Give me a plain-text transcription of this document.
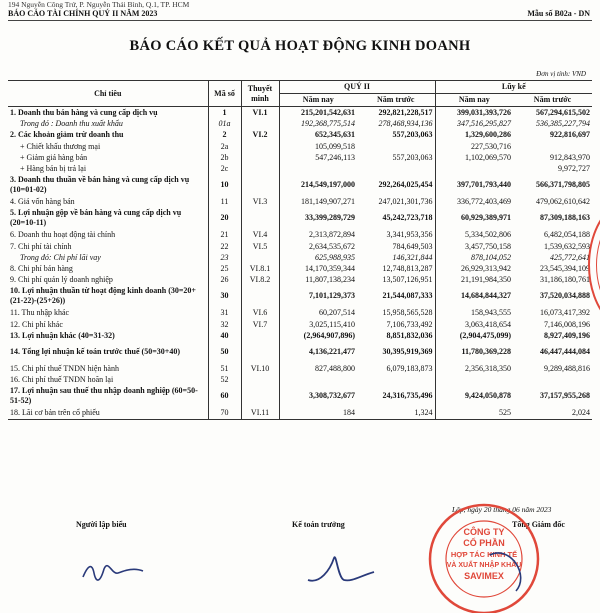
194 Nguyễn Công Trứ, P. Nguyễn Thái Bình, Q.1, TP. HCM
BÁO CÁO TÀI CHÍNH QUÝ II NĂM 2023	Mẫu số B02a - DN
BÁO CÁO KẾT QUẢ HOẠT ĐỘNG KINH DOANH
Đơn vị tính: VND
Chỉ tiêu	Mã số	Thuyết minh	QUÝ II		Lũy kế	
			Năm nay	Năm trước	Năm nay	Năm trước
1. Doanh thu bán hàng và cung cấp dịch vụ	1	VI.1	215,201,542,631	292,821,228,517	399,031,393,726	567,294,615,502
Trong đó : Doanh thu xuất khẩu	01a		192,368,775,514	278,468,934,136	347,516,295,827	536,385,227,794
2. Các khoản giảm trừ doanh thu	2	VI.2	652,345,631	557,203,063	1,329,600,286	922,816,697
+ Chiết khấu thương mại	2a		105,099,518		227,530,716	
+ Giảm giá hàng bán	2b		547,246,113	557,203,063	1,102,069,570	912,843,970
+ Hàng bán bị trả lại	2c					9,972,727
3. Doanh thu thuần về bán hàng và cung cấp dịch vụ (10=01-02)	10		214,549,197,000	292,264,025,454	397,701,793,440	566,371,798,805
4. Giá vốn hàng bán	11	VI.3	181,149,907,271	247,021,301,736	336,772,403,469	479,062,610,642
5. Lợi nhuận gộp về bán hàng và cung cấp dịch vụ (20=10-11)	20		33,399,289,729	45,242,723,718	60,929,389,971	87,309,188,163
6. Doanh thu hoạt động tài chính	21	VI.4	2,313,872,894	3,341,953,356	5,334,502,806	6,482,054,188
7. Chi phí tài chính	22	VI.5	2,634,535,672	784,649,503	3,457,750,158	1,539,632,593
Trong đó: Chi phí lãi vay	23		625,988,935	146,321,844	878,104,052	425,772,641
8. Chi phí bán hàng	25	VI.8.1	14,170,359,344	12,748,813,287	26,929,313,942	23,545,394,109
9. Chi phí quản lý doanh nghiệp	26	VI.8.2	11,807,138,234	13,507,126,951	21,191,984,350	31,186,180,761
10. Lợi nhuận thuần từ hoạt động kinh doanh (30=20+(21-22)-(25+26))	30		7,101,129,373	21,544,087,333	14,684,844,327	37,520,034,888
11. Thu nhập khác	31	VI.6	60,207,514	15,958,565,528	158,943,555	16,073,417,392
12. Chi phí khác	32	VI.7	3,025,115,410	7,106,733,492	3,063,418,654	7,146,008,196
13. Lợi nhuận khác (40=31-32)	40		(2,964,907,896)	8,851,832,036	(2,904,475,099)	8,927,409,196
14. Tổng lợi nhuận kế toán trước thuế (50=30+40)	50		4,136,221,477	30,395,919,369	11,780,369,228	46,447,444,084
15. Chi phí thuế TNDN hiện hành	51	VI.10	827,488,800	6,079,183,873	2,356,318,350	9,289,488,816
16. Chi phí thuế TNDN hoãn lại	52					
17. Lợi nhuận sau thuế thu nhập doanh nghiệp (60=50-51-52)	60		3,308,732,677	24,316,735,496	9,424,050,878	37,157,955,268
18. Lãi cơ bản trên cổ phiếu	70	VI.11	184	1,324	525	2,024
Lập, ngày 20 tháng 06 năm 2023
Người lập biểu	Kế toán trưởng	Tổng Giám đốc
CÔNG TY
CỔ PHẦN
HỢP TÁC KINH TẾ
VÀ XUẤT NHẬP KHẨU
SAVIMEX
